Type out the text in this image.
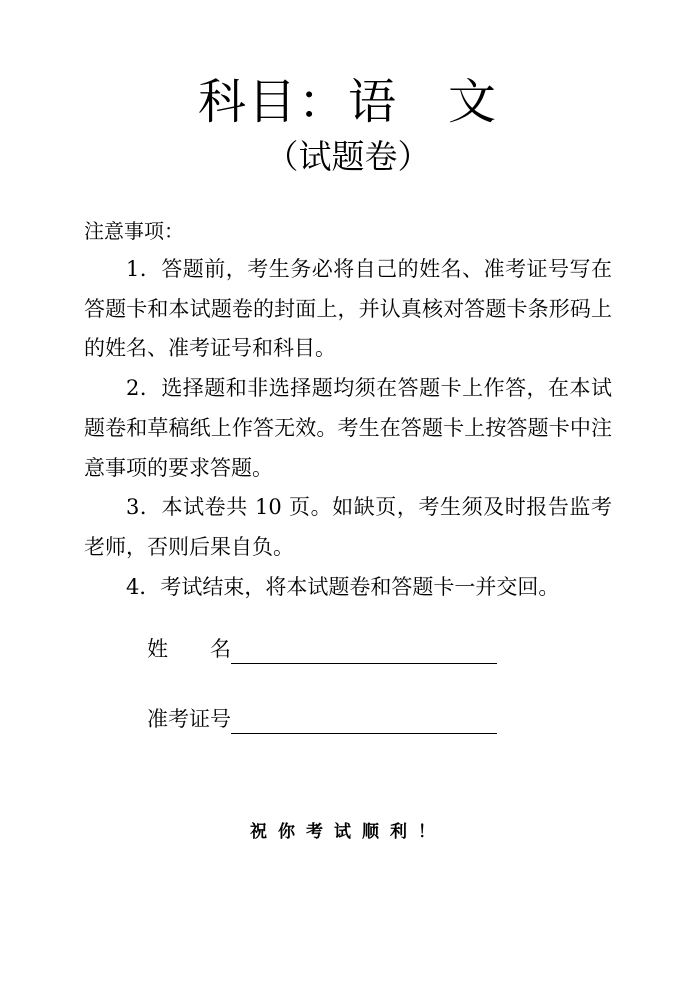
科目：语　文
（试题卷）
注意事项：

1．答题前，考生务必将自己的姓名、准考证号写在答题卡和本试题卷的封面上，并认真核对答题卡条形码上的姓名、准考证号和科目。

2．选择题和非选择题均须在答题卡上作答，在本试题卷和草稿纸上作答无效。考生在答题卡上按答题卡中注意事项的要求答题。

3．本试卷共 10 页。如缺页，考生须及时报告监考老师，否则后果自负。

4．考试结束，将本试题卷和答题卡一并交回。

姓　　名
准考证号
祝你考试顺利！
